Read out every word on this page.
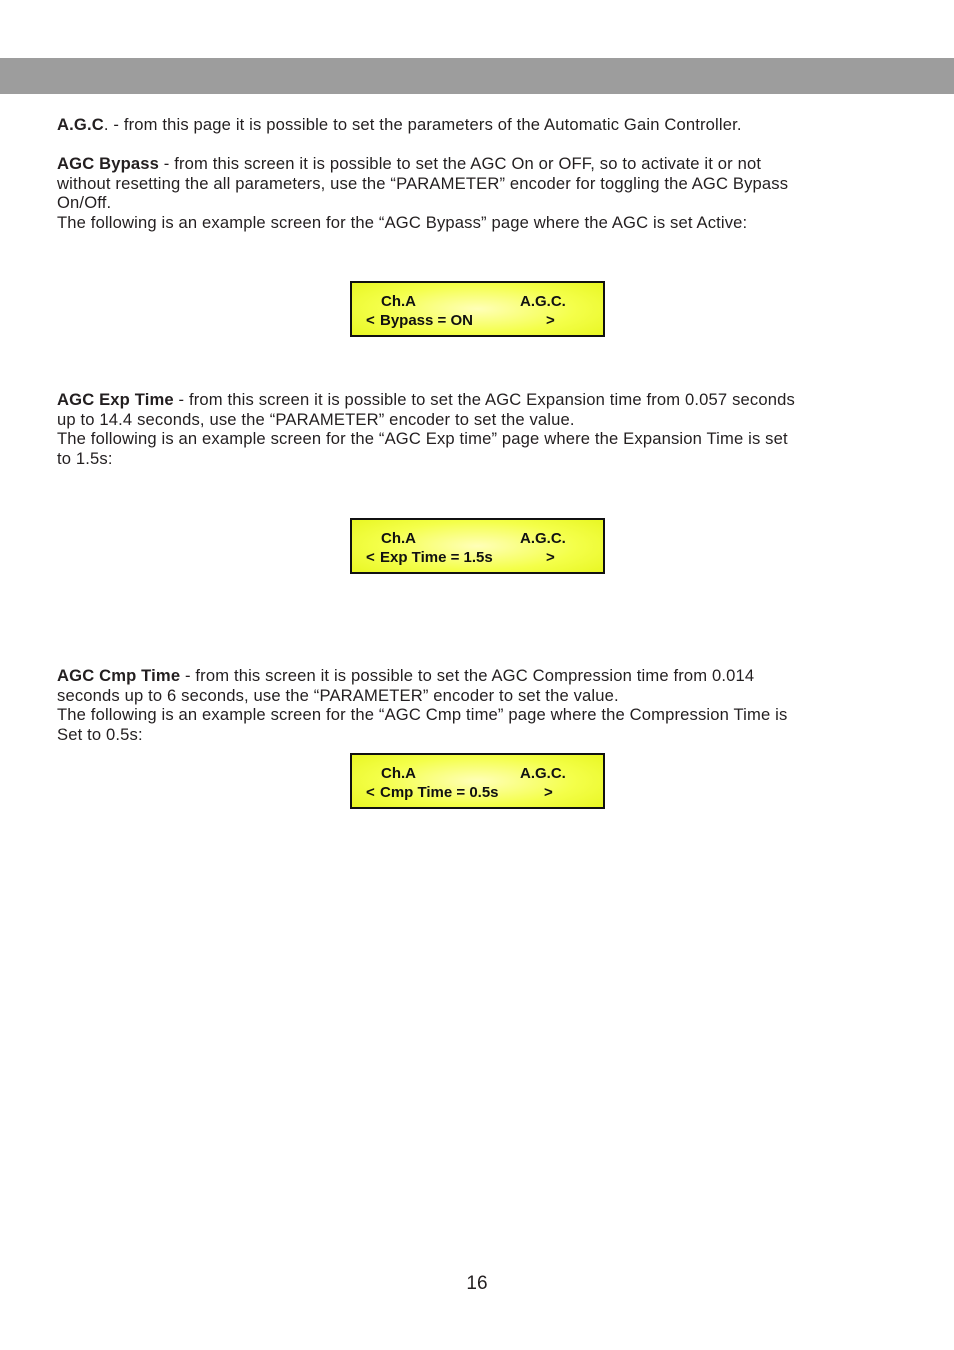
A.G.C. - from this page it is possible to set the parameters of the Automatic Gain Controller.

AGC Bypass - from this screen it is possible to set the AGC On or OFF, so to activate it or not
without resetting the all parameters, use the “PARAMETER” encoder for toggling the AGC Bypass
On/Off.
The following is an example screen for the “AGC Bypass” page where the AGC is set Active:

Ch.A	A.G.C.
< Bypass = ON	>

AGC Exp Time - from this screen it is possible to set the AGC Expansion time from 0.057 seconds
up to 14.4 seconds, use the “PARAMETER” encoder to set the value.
The following is an example screen for the “AGC Exp time” page where the Expansion Time is set
to 1.5s:

Ch.A	A.G.C.
< Exp Time = 1.5s	>

AGC Cmp Time - from this screen it is possible to set the AGC Compression time from 0.014
seconds up to 6 seconds, use the “PARAMETER” encoder to set the value.
The following is an example screen for the “AGC Cmp time” page where the Compression Time is
Set to 0.5s:

Ch.A	A.G.C.
< Cmp Time = 0.5s	>
16
